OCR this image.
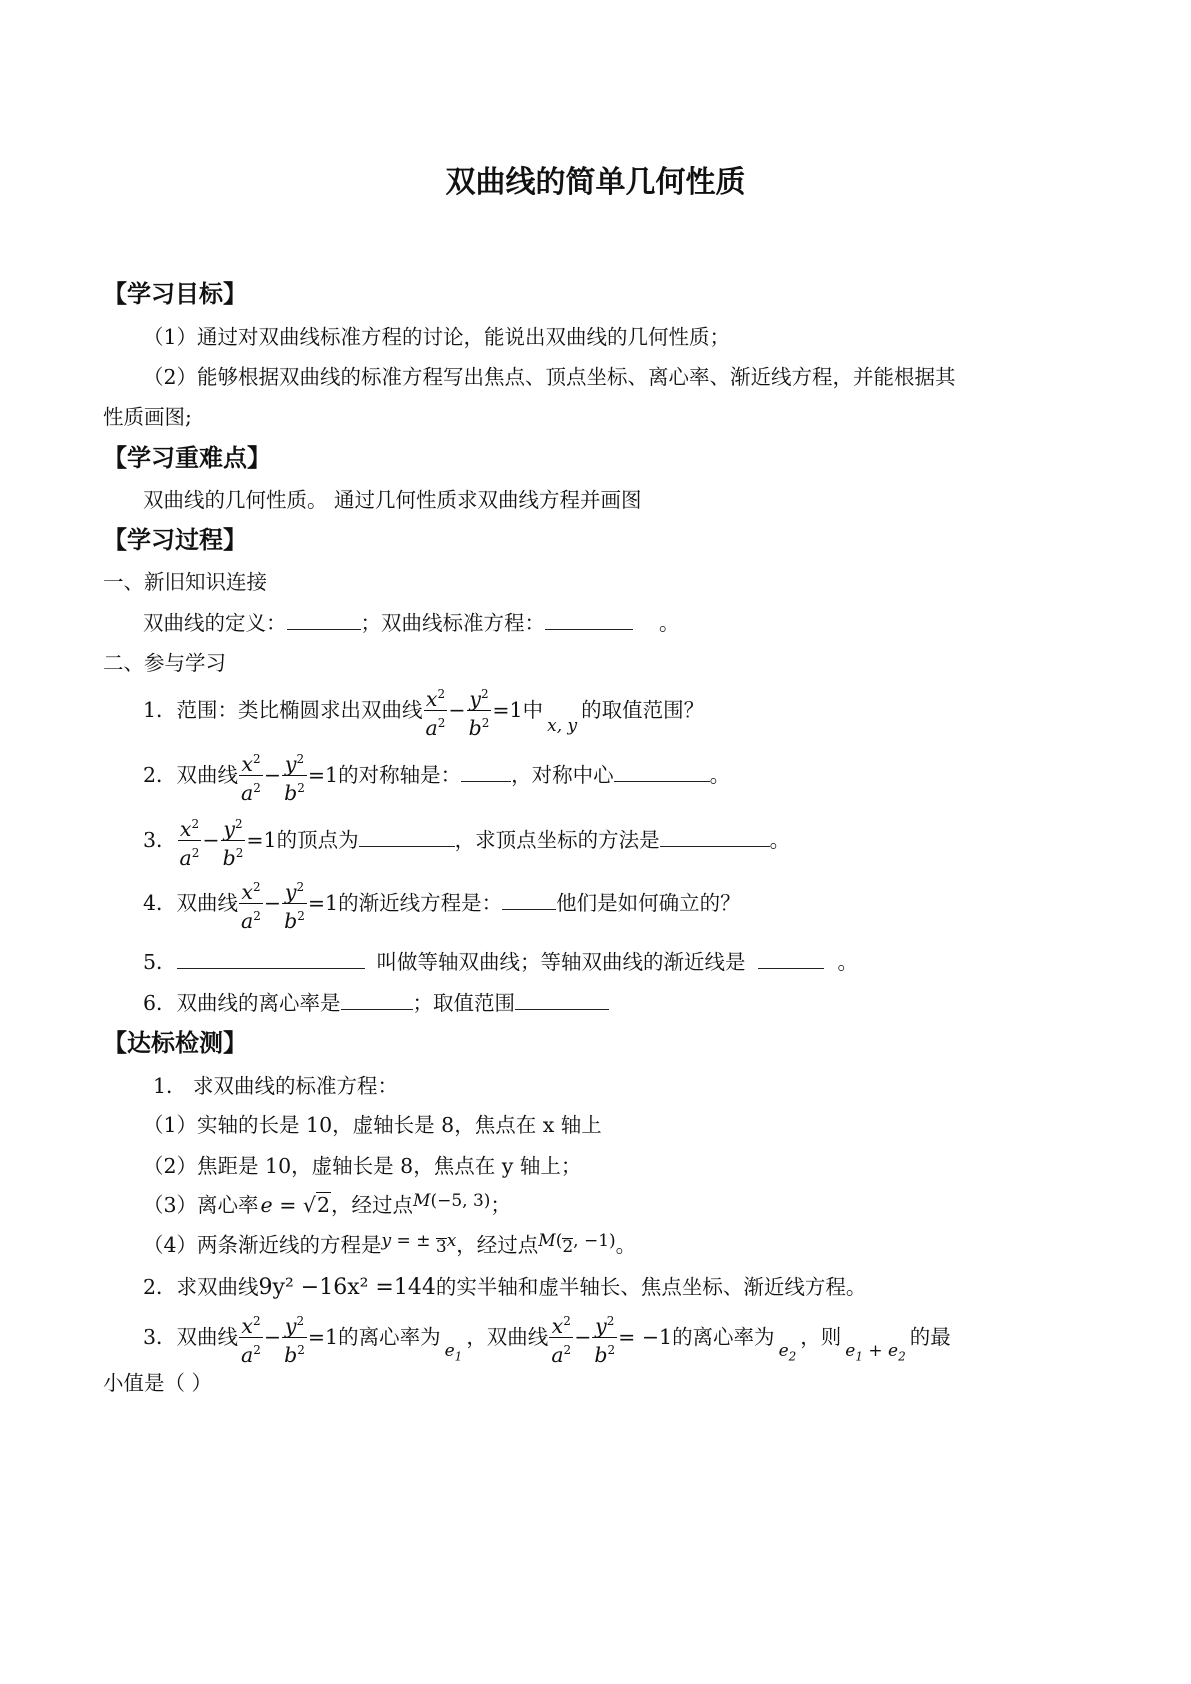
双曲线的简单几何性质
【学习目标】
（1）通过对双曲线标准方程的讨论，能说出双曲线的几何性质；
（2）能够根据双曲线的标准方程写出焦点、顶点坐标、离心率、渐近线方程，并能根据其
性质画图;
【学习重难点】
双曲线的几何性质。 通过几何性质求双曲线方程并画图
【学习过程】
一、新旧知识连接
双曲线的定义：	；双曲线标准方程：	。
二、参与学习
1．范围：类比椭圆求出双曲线 $\frac{x^2}{a^2} - \frac{y^2}{b^2} =1$中$_{x, y}$的取值范围？
2．双曲线 $\frac{x^2}{a^2} - \frac{y^2}{b^2} =1$的对称轴是： ，对称中心	。
3． $\frac{x^2}{a^2} - \frac{y^2}{b^2} =1$的顶点为	，求顶点坐标的方法是	。
4．双曲线 $\frac{x^2}{a^2} - \frac{y^2}{b^2} =1$的渐近线方程是：	他们是如何确立的？
5．	叫做等轴双曲线；等轴双曲线的渐近线是	。
6．双曲线的离心率是	；取值范围
【达标检测】
1． 求双曲线的标准方程：
（1）实轴的长是 10，虚轴长是 8，焦点在 x 轴上
（2）焦距是 10，虚轴长是 8，焦点在 y 轴上；
（3）离心率e = √2，经过点$^{M(-5, 3)}$；
（4）两条渐近线的方程是$^{y = \pm 3 x}$，经过点$^{M( 2 , -1)}$。
2．求双曲线9y² −16x² =144的实半轴和虚半轴长、焦点坐标、渐近线方程。
3．双曲线 $\frac{x^2}{a^2} - \frac{y^2}{b^2} =1$的离心率为$_{e_1}$，双曲线 $\frac{x^2}{a^2} - \frac{y^2}{b^2} = -1$的离心率为$_{e_2}$，则$_{e_1 + e_2}$的最
小值是（ ）
